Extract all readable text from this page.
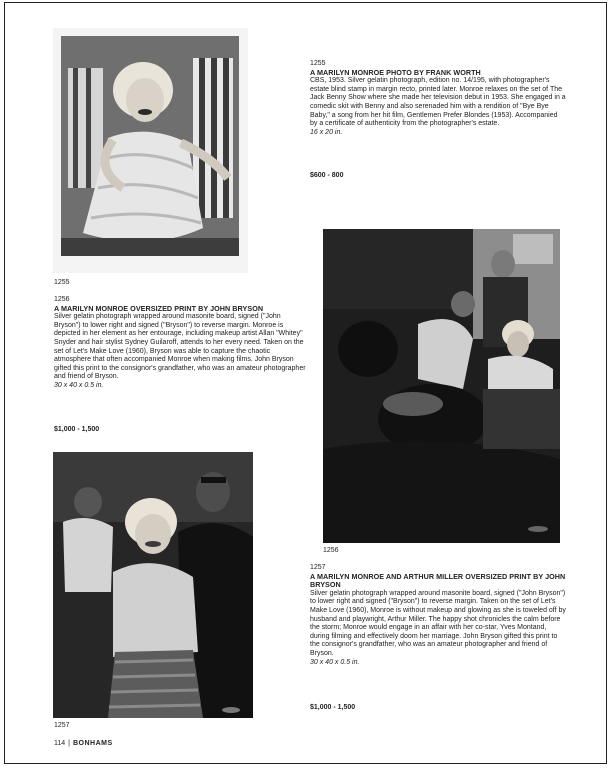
1255
1255
A MARILYN MONROE PHOTO BY FRANK WORTH
CBS, 1953. Silver gelatin photograph, edition no. 14/195, with photographer's estate blind stamp in margin recto, printed later. Monroe relaxes on the set of The Jack Benny Show where she made her television debut in 1953. She engaged in a comedic skit with Benny and also serenaded him with a rendition of "Bye Bye Baby," a song from her hit film, Gentlemen Prefer Blondes (1953). Accompanied by a certificate of authenticity from the photographer's estate.
16 x 20 in.
$600 - 800
1256
A MARILYN MONROE OVERSIZED PRINT BY JOHN BRYSON
Silver gelatin photograph wrapped around masonite board, signed ("John Bryson") to lower right and signed ("Bryson") to reverse margin. Monroe is depicted in her element as her entourage, including makeup artist Allan "Whitey" Snyder and hair stylist Sydney Guilaroff, attends to her every need. Taken on the set of Let's Make Love (1960), Bryson was able to capture the chaotic atmosphere that often accompanied Monroe when making films. John Bryson gifted this print to the consignor's grandfather, who was an amateur photographer and friend of Bryson.
30 x 40 x 0.5 in.
$1,000 - 1,500
1256
1257
A MARILYN MONROE AND ARTHUR MILLER OVERSIZED PRINT BY JOHN BRYSON
Silver gelatin photograph wrapped around masonite board, signed ("John Bryson") to lower right and signed ("Bryson") to reverse margin. Taken on the set of Let's Make Love (1960), Monroe is without makeup and glowing as she is toweled off by husband and playwright, Arthur Miller. The happy shot chronicles the calm before the storm; Monroe would engage in an affair with her co-star, Yves Montand, during filming and effectively doom her marriage. John Bryson gifted this print to the consignor's grandfather, who was an amateur photographer and friend of Bryson.
30 x 40 x 0.5 in.
$1,000 - 1,500
1257
114 | BONHAMS
